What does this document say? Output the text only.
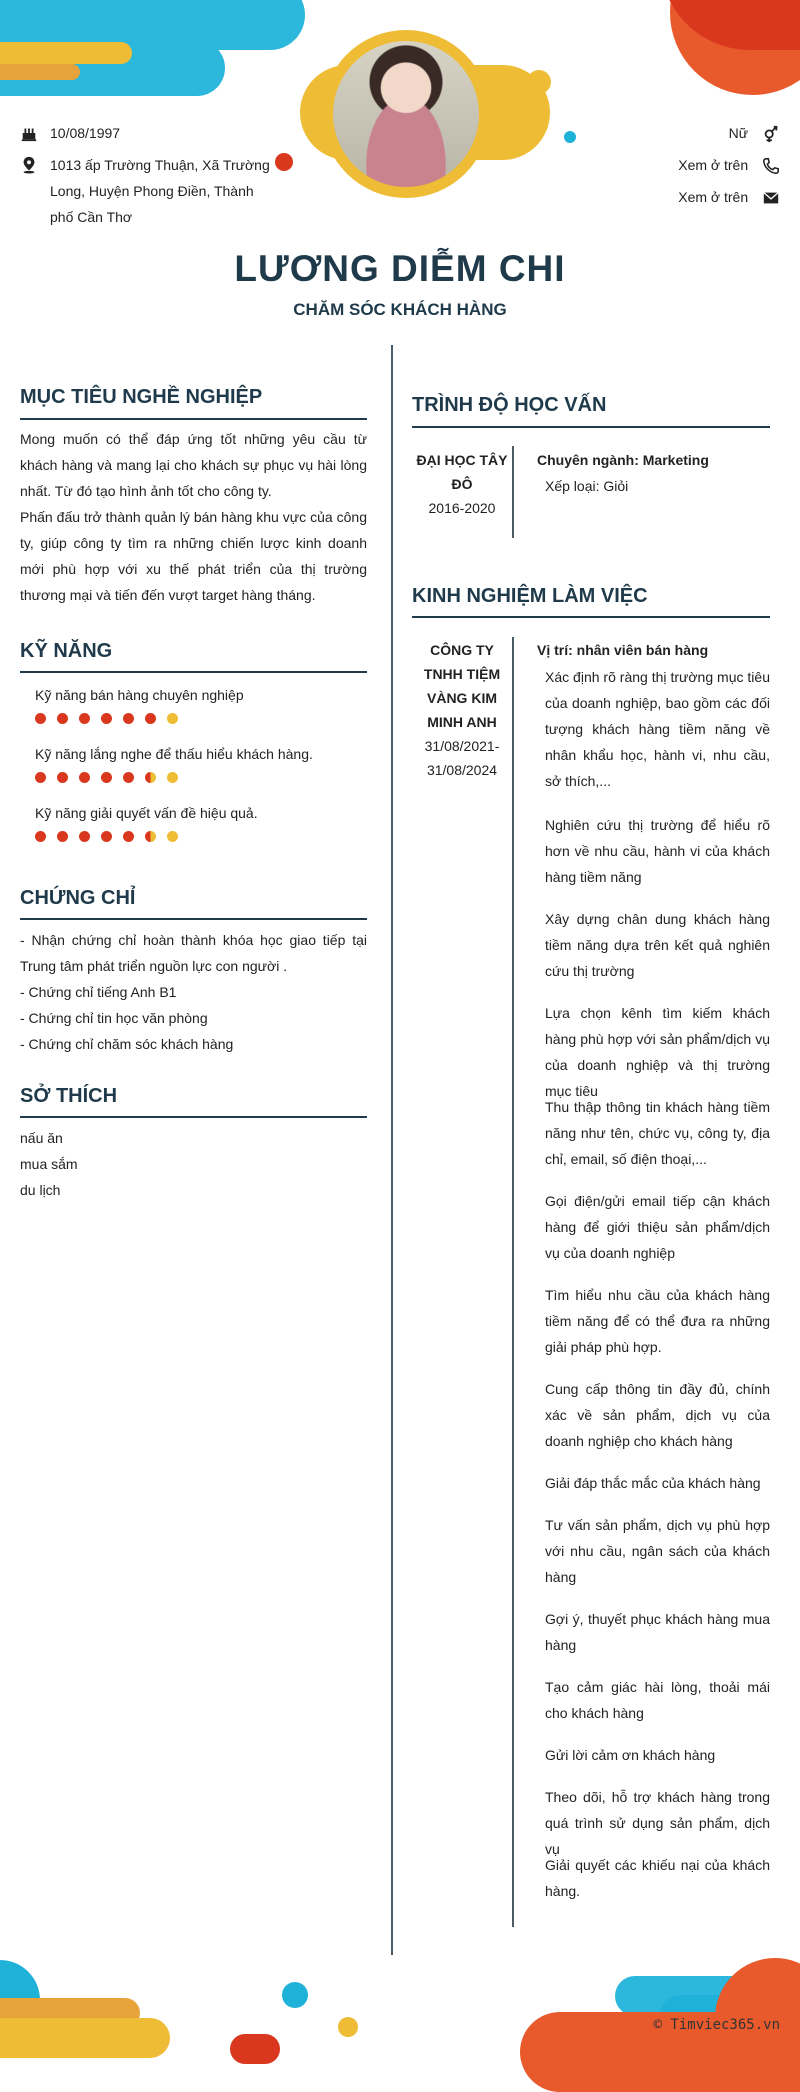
10/08/1997
1013 ấp Trường Thuận, Xã Trường Long, Huyện Phong Điền, Thành phố Cần Thơ
Nữ
Xem ở trên
Xem ở trên
LƯƠNG DIỄM CHI
CHĂM SÓC KHÁCH HÀNG
MỤC TIÊU NGHỀ NGHIỆP
Mong muốn có thể đáp ứng tốt những yêu cầu từ khách hàng và mang lại cho khách sự phục vụ hài lòng nhất. Từ đó tạo hình ảnh tốt cho công ty.
Phấn đấu trở thành quản lý bán hàng khu vực của công ty, giúp công ty tìm ra những chiến lược kinh doanh mới phù hợp với xu thế phát triển của thị trường thương mại và tiến đến vượt target hàng tháng.
KỸ NĂNG
Kỹ năng bán hàng chuyên nghiệp
Kỹ năng lắng nghe để thấu hiểu khách hàng.
Kỹ năng giải quyết vấn đề hiệu quả.
CHỨNG CHỈ
- Nhận chứng chỉ hoàn thành khóa học giao tiếp tại Trung tâm phát triển nguồn lực con người .
- Chứng chỉ tiếng Anh B1
- Chứng chỉ tin học văn phòng
- Chứng chỉ chăm sóc khách hàng
SỞ THÍCH
nấu ăn
mua sắm
du lịch
TRÌNH ĐỘ HỌC VẤN
ĐẠI HỌC TÂY ĐÔ
2016-2020
Chuyên ngành: Marketing
Xếp loại: Giỏi
KINH NGHIỆM LÀM VIỆC
CÔNG TY TNHH TIỆM VÀNG KIM MINH ANH
31/08/2021- 31/08/2024
Vị trí: nhân viên bán hàng
Xác định rõ ràng thị trường mục tiêu của doanh nghiệp, bao gồm các đối tượng khách hàng tiềm năng về nhân khẩu học, hành vi, nhu cầu, sở thích,...
Nghiên cứu thị trường để hiểu rõ hơn về nhu cầu, hành vi của khách hàng tiềm năng
Xây dựng chân dung khách hàng tiềm năng dựa trên kết quả nghiên cứu thị trường
Lựa chọn kênh tìm kiếm khách hàng phù hợp với sản phẩm/dịch vụ của doanh nghiệp và thị trường mục tiêu
Thu thập thông tin khách hàng tiềm năng như tên, chức vụ, công ty, địa chỉ, email, số điện thoại,...
Gọi điện/gửi email tiếp cận khách hàng để giới thiệu sản phẩm/dịch vụ của doanh nghiệp
Tìm hiểu nhu cầu của khách hàng tiềm năng để có thể đưa ra những giải pháp phù hợp.
Cung cấp thông tin đầy đủ, chính xác về sản phẩm, dịch vụ của doanh nghiệp cho khách hàng
Giải đáp thắc mắc của khách hàng
Tư vấn sản phẩm, dịch vụ phù hợp với nhu cầu, ngân sách của khách hàng
Gợi ý, thuyết phục khách hàng mua hàng
Tạo cảm giác hài lòng, thoải mái cho khách hàng
Gửi lời cảm ơn khách hàng
Theo dõi, hỗ trợ khách hàng trong quá trình sử dụng sản phẩm, dịch vụ
Giải quyết các khiếu nại của khách hàng.
© Timviec365.vn
